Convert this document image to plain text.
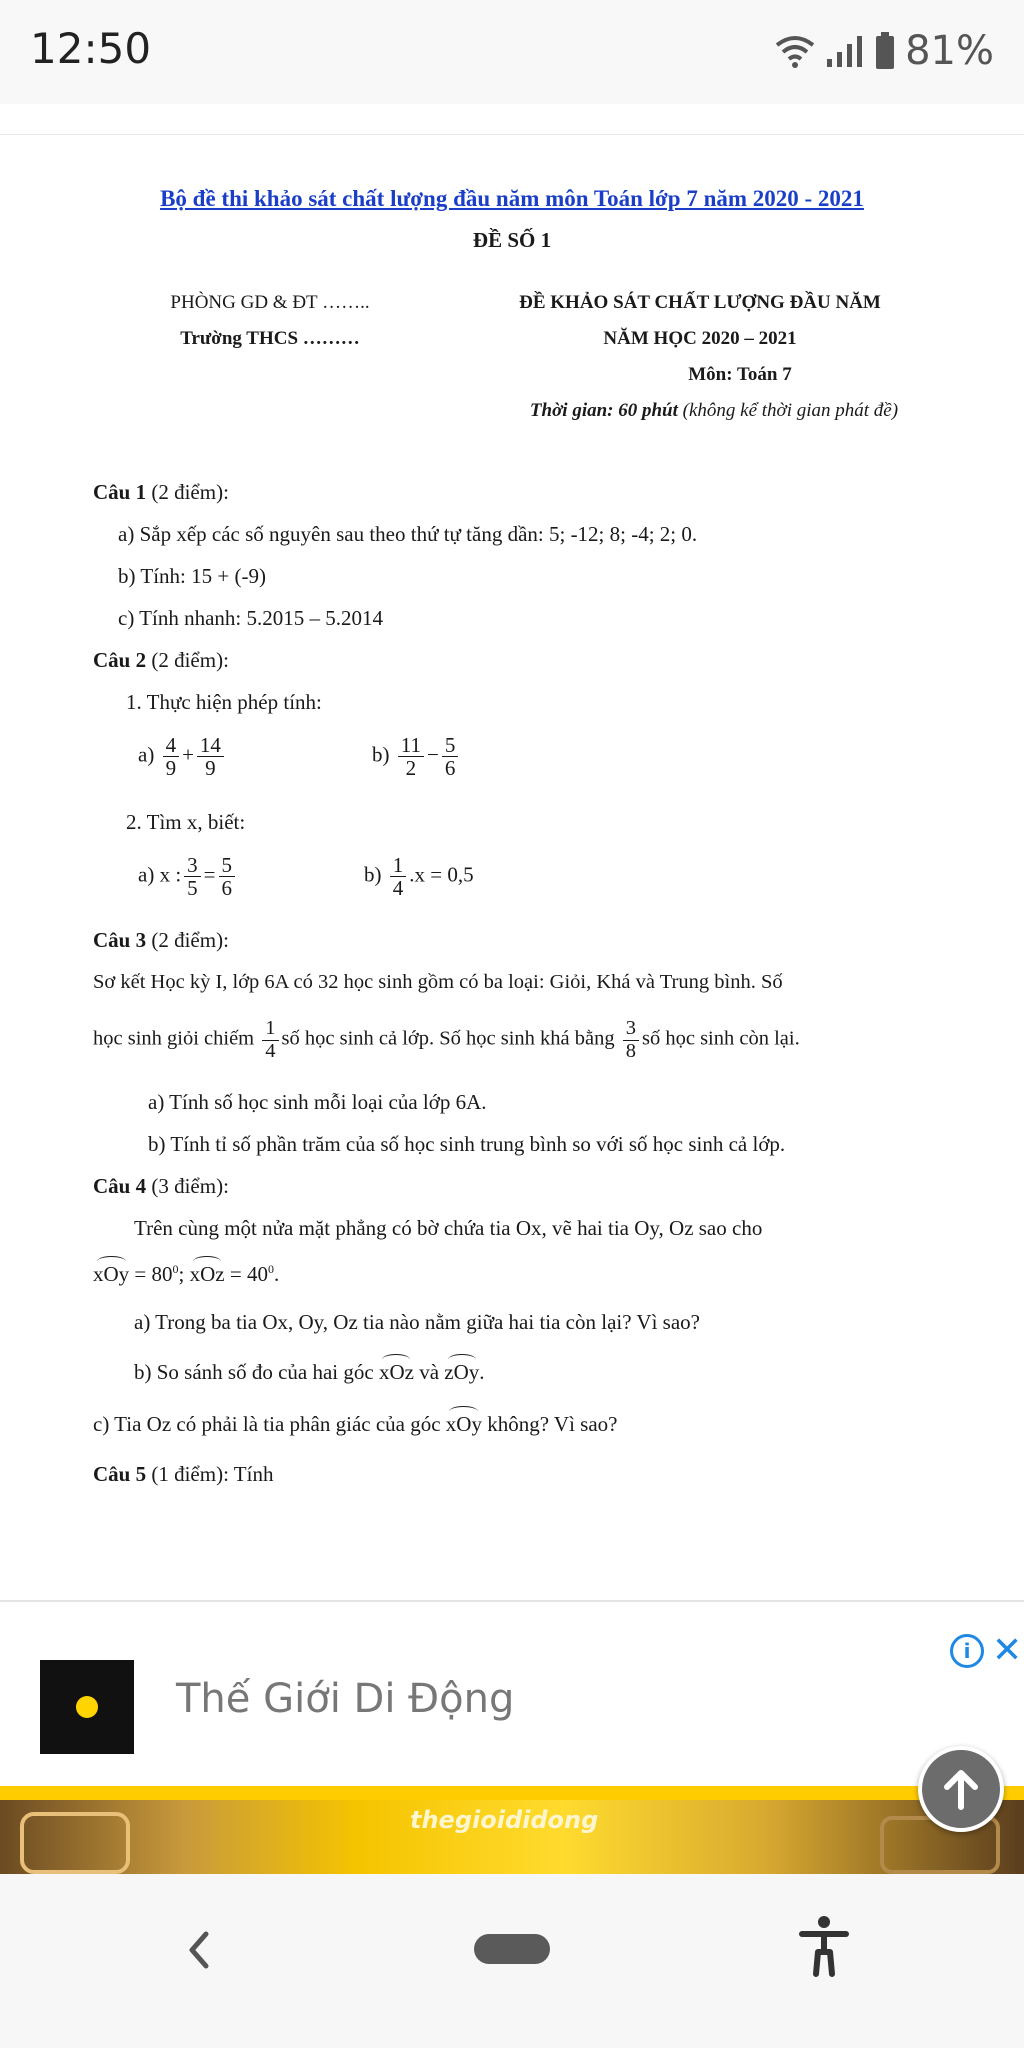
12:50	81%
Bộ đề thi khảo sát chất lượng đầu năm môn Toán lớp 7 năm 2020 - 2021
ĐỀ SỐ 1
PHÒNG GD & ĐT ……..
Trường THCS ………
ĐỀ KHẢO SÁT CHẤT LƯỢNG ĐẦU NĂM
NĂM HỌC 2020 – 2021
Môn: Toán 7
Thời gian: 60 phút (không kể thời gian phát đề)
Câu 1 (2 điểm):
a) Sắp xếp các số nguyên sau theo thứ tự tăng dần: 5; -12; 8; -4; 2; 0.
b) Tính: 15 + (-9)
c) Tính nhanh: 5.2015 – 5.2014
Câu 2 (2 điểm):
1. Thực hiện phép tính:
$a) \frac{4}{9} + \frac{14}{9}$	$b) \frac{11}{2} - \frac{5}{6}$
2. Tìm x, biết:
a) x : $\frac{3}{5} = \frac{5}{6}$	$b) \frac{1}{4} .x = 0,5$
Câu 3 (2 điểm):
Sơ kết Học kỳ I, lớp 6A có 32 học sinh gồm có ba loại: Giỏi, Khá và Trung bình. Số
học sinh giỏi chiếm $\frac{1}{4}$ số học sinh cả lớp. Số học sinh khá bằng $\frac{3}{8}$ số học sinh còn lại.
a) Tính số học sinh mỗi loại của lớp 6A.
b) Tính tỉ số phần trăm của số học sinh trung bình so với số học sinh cả lớp.
Câu 4 (3 điểm):
Trên cùng một nửa mặt phẳng có bờ chứa tia Ox, vẽ hai tia Oy, Oz sao cho
xOy = $80^0$; xOz = $40^0$.
a) Trong ba tia Ox, Oy, Oz tia nào nằm giữa hai tia còn lại? Vì sao?
b) So sánh số đo của hai góc xOz và zOy.
c) Tia Oz có phải là tia phân giác của góc xOy không? Vì sao?
Câu 5 (1 điểm): Tính
i ✕
Thế Giới Di Động
thegioididong
